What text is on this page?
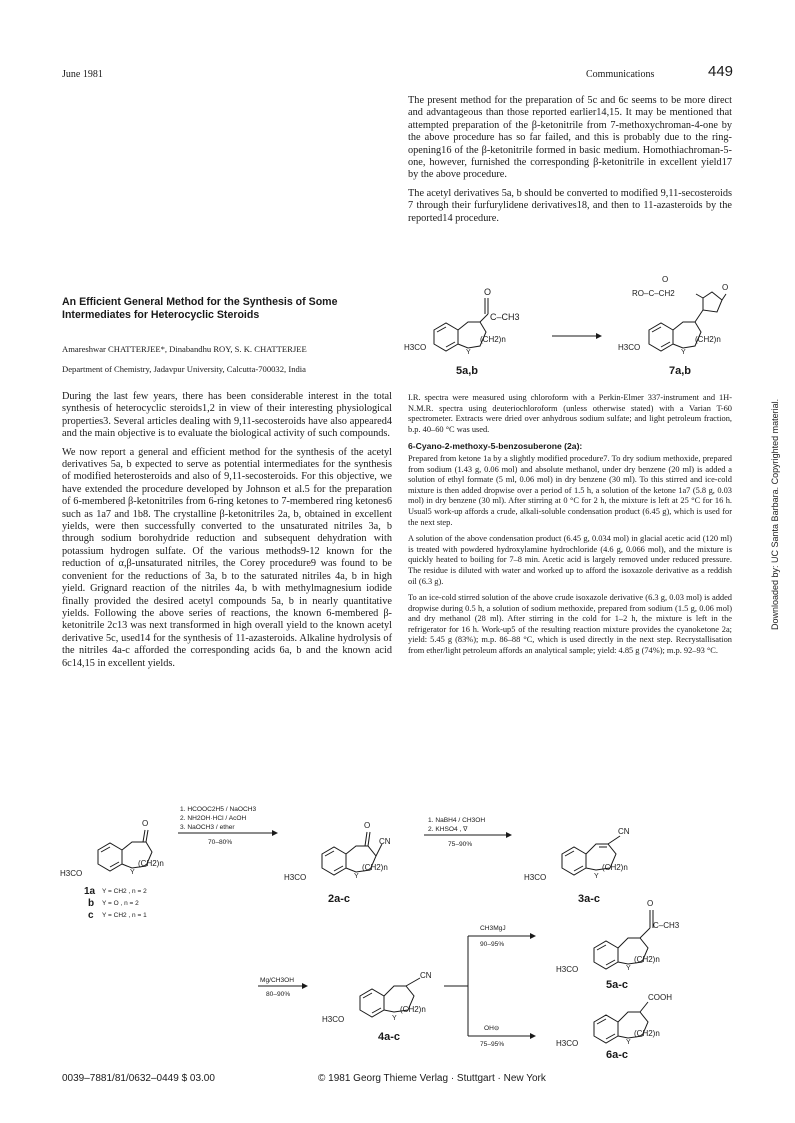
June 1981	Communications	449

The present method for the preparation of 5c and 6c seems to be more direct and advantageous than those reported earlier14,15. It may be mentioned that attempted preparation of the β-ketonitrile from 7-methoxychroman-4-one by the above procedure has so far failed, and this is probably due to the ring-opening16 of the β-ketonitrile formed in basic medium. Homothiachroman-5-one, however, furnished the corresponding β-ketonitrile in excellent yield17 by the above procedure.

The acetyl derivatives 5a, b should be converted to modified 9,11-secosteroids 7 through their furfurylidene derivatives18, and then to 11-azasteroids by the reported14 procedure.

An Efficient General Method for the Synthesis of Some Intermediates for Heterocyclic Steroids
Amareshwar CHATTERJEE*, Dinabandhu ROY, S. K. CHATTERJEE
Department of Chemistry, Jadavpur University, Calcutta-700032, India

During the last few years, there has been considerable interest in the total synthesis of heterocyclic steroids1,2 in view of their interesting physiological properties3. Several articles dealing with 9,11-secosteroids have also appeared4 and the main objective is to evaluate the biological activity of such compounds.

We now report a general and efficient method for the synthesis of the acetyl derivatives 5a, b expected to serve as potential intermediates for the synthesis of modified heterosteroids and also of 9,11-secosteroids. For this objective, we have extended the procedure developed by Johnson et al.5 for the preparation of 6-membered β-ketonitriles from 6-ring ketones to 7-membered ring ketones6 such as 1a7 and 1b8. The crystalline β-ketonitriles 2a, b, obtained in excellent yields, were then successfully converted to the unsaturated nitriles 3a, b through sodium borohydride reduction and subsequent dehydration with potassium hydrogen sulfate. Of the various methods9-12 known for the reduction of α,β-unsaturated nitriles, the Corey procedure9 was found to be convenient for the reductions of 3a, b to the saturated nitriles 4a, b in high yield. Grignard reaction of the nitriles 4a, b with methylmagnesium iodide finally provided the desired acetyl compounds 5a, b in nearly quantitative yields. Following the above series of reactions, the known 6-membered β-ketonitrile 2c13 was next transformed in high overall yield to the known acetyl derivative 5c, used14 for the synthesis of 11-azasteroids. Alkaline hydrolysis of the nitriles 4a-c afforded the corresponding acids 6a, b and the known acid 6c14,15 in excellent yields.

I.R. spectra were measured using chloroform with a Perkin-Elmer 337-instrument and 1H-N.M.R. spectra using deuteriochloroform (unless otherwise stated) with a Varian T-60 spectrometer. Extracts were dried over anhydrous sodium sulfate; and light petroleum fraction, b.p. 40–60 °C was used.

6-Cyano-2-methoxy-5-benzosuberone (2a):

Prepared from ketone 1a by a slightly modified procedure7. To dry sodium methoxide, prepared from sodium (1.43 g, 0.06 mol) and absolute methanol, under dry benzene (20 ml) is added a solution of ethyl formate (5 ml, 0.06 mol) in dry benzene (30 ml). To this stirred and ice-cold mixture is then added dropwise over a period of 1.5 h, a solution of the ketone 1a7 (5.8 g, 0.03 mol) in dry benzene (30 ml). After stirring at 0 °C for 2 h, the mixture is left at 25 °C for 16 h. Usual5 work-up affords a crude, alkali-soluble condensation product (6.45 g), which is used for the next step.

A solution of the above condensation product (6.45 g, 0.034 mol) in glacial acetic acid (120 ml) is treated with powdered hydroxylamine hydrochloride (4.6 g, 0.066 mol), and the mixture is quickly heated to boiling for 7–8 min. Acetic acid is largely removed under reduced pressure. The residue is diluted with water and worked up to afford the isoxazole derivative as a reddish oil (6.3 g).

To an ice-cold stirred solution of the above crude isoxazole derivative (6.3 g, 0.03 mol) is added dropwise during 0.5 h, a solution of sodium methoxide, prepared from sodium (1.5 g, 0.06 mol) and dry methanol (28 ml). After stirring in the cold for 1–2 h, the mixture is left in the refrigerator for 16 h. Work-up5 of the resulting reaction mixture provides the cyanoketone 2a; yield: 5.45 g (83%); m.p. 86–88 °C, which is used directly in the next step. Recrystallisation from ether/light petroleum affords an analytical sample; yield: 4.85 g (74%); m.p. 92–93 °C.

O
C–CH3
(CH2)n
H3CO
Y
5a,b
RO–C–CH2
O
O
(CH2)n
H3CO
Y
7a,b
O
H3CO	Y
(CH2)n
1a Y = CH2 , n = 2
b Y = O , n = 2
c Y = CH2 , n = 1
1. HCOOC2H5 / NaOCH3
2. NH2OH·HCl / AcOH
3. NaOCH3 / ether
70–80%
O
CN
H3CO	Y
(CH2)n
2a-c
1. NaBH4 / CH3OH
2. KHSO4 , ∇
75–90%
CN
H3CO	Y
(CH2)n
3a-c
Mg/CH3OH
80–90%
CN
H3CO	Y
(CH2)n
4a-c
CH3MgJ
90–95%
OH⊖
75–95%
O
C–CH3
H3CO	Y
(CH2)n
5a-c
COOH
H3CO	Y
(CH2)n
6a-c
0039–7881/81/0632–0449 $ 03.00	© 1981 Georg Thieme Verlag · Stuttgart · New York
Downloaded by: UC Santa Barbara. Copyrighted material.
